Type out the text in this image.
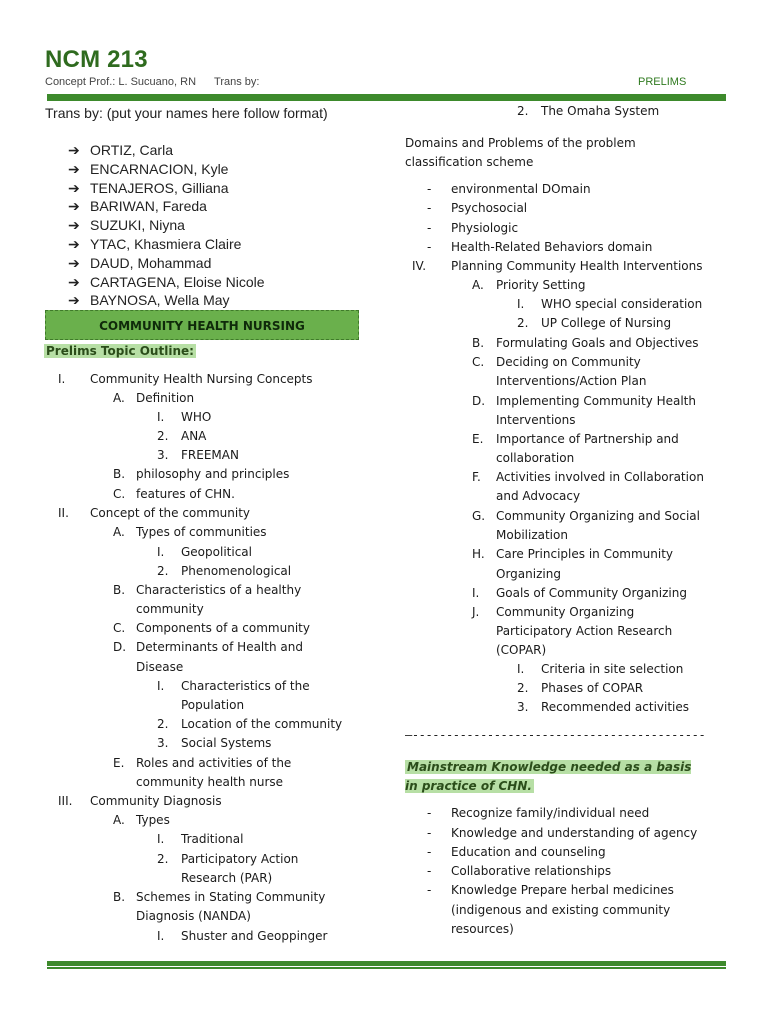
NCM 213
Concept Prof.: L. Sucuano, RN Trans by:	PRELIMS
Trans by: (put your names here follow format)
➔ ORTIZ, Carla
➔ ENCARNACION, Kyle
➔ TENAJEROS, Gilliana
➔ BARIWAN, Fareda
➔ SUZUKI, Niyna
➔ YTAC, Khasmiera Claire
➔ DAUD, Mohammad
➔ CARTAGENA, Eloise Nicole
➔ BAYNOSA, Wella May
COMMUNITY HEALTH NURSING
Prelims Topic Outline:
I. Community Health Nursing Concepts
A. Definition
I. WHO
2. ANA
3. FREEMAN
B. philosophy and principles
C. features of CHN.
II. Concept of the community
A. Types of communities
I. Geopolitical
2. Phenomenological
B. Characteristics of a healthy
community
C. Components of a community
D. Determinants of Health and
Disease
I. Characteristics of the
Population
2. Location of the community
3. Social Systems
E. Roles and activities of the
community health nurse
III. Community Diagnosis
A. Types
I. Traditional
2. Participatory Action
Research (PAR)
B. Schemes in Stating Community
Diagnosis (NANDA)
I. Shuster and Geoppinger
2. The Omaha System
Domains and Problems of the problem classification scheme
- environmental DOmain
- Psychosocial
- Physiologic
- Health-Related Behaviors domain
IV. Planning Community Health Interventions
A. Priority Setting
I. WHO special consideration
2. UP College of Nursing
B. Formulating Goals and Objectives
C. Deciding on Community
Interventions/Action Plan
D. Implementing Community Health
Interventions
E. Importance of Partnership and
collaboration
F. Activities involved in Collaboration
and Advocacy
G. Community Organizing and Social
Mobilization
H. Care Principles in Community
Organizing
I. Goals of Community Organizing
J. Community Organizing
Participatory Action Research
(COPAR)
I. Criteria in site selection
2. Phases of COPAR
3. Recommended activities
—-------------------------------------------
Mainstream Knowledge needed as a basis in practice of CHN.
- Recognize family/individual need
- Knowledge and understanding of agency
- Education and counseling
- Collaborative relationships
- Knowledge Prepare herbal medicines
(indigenous and existing community
resources)
